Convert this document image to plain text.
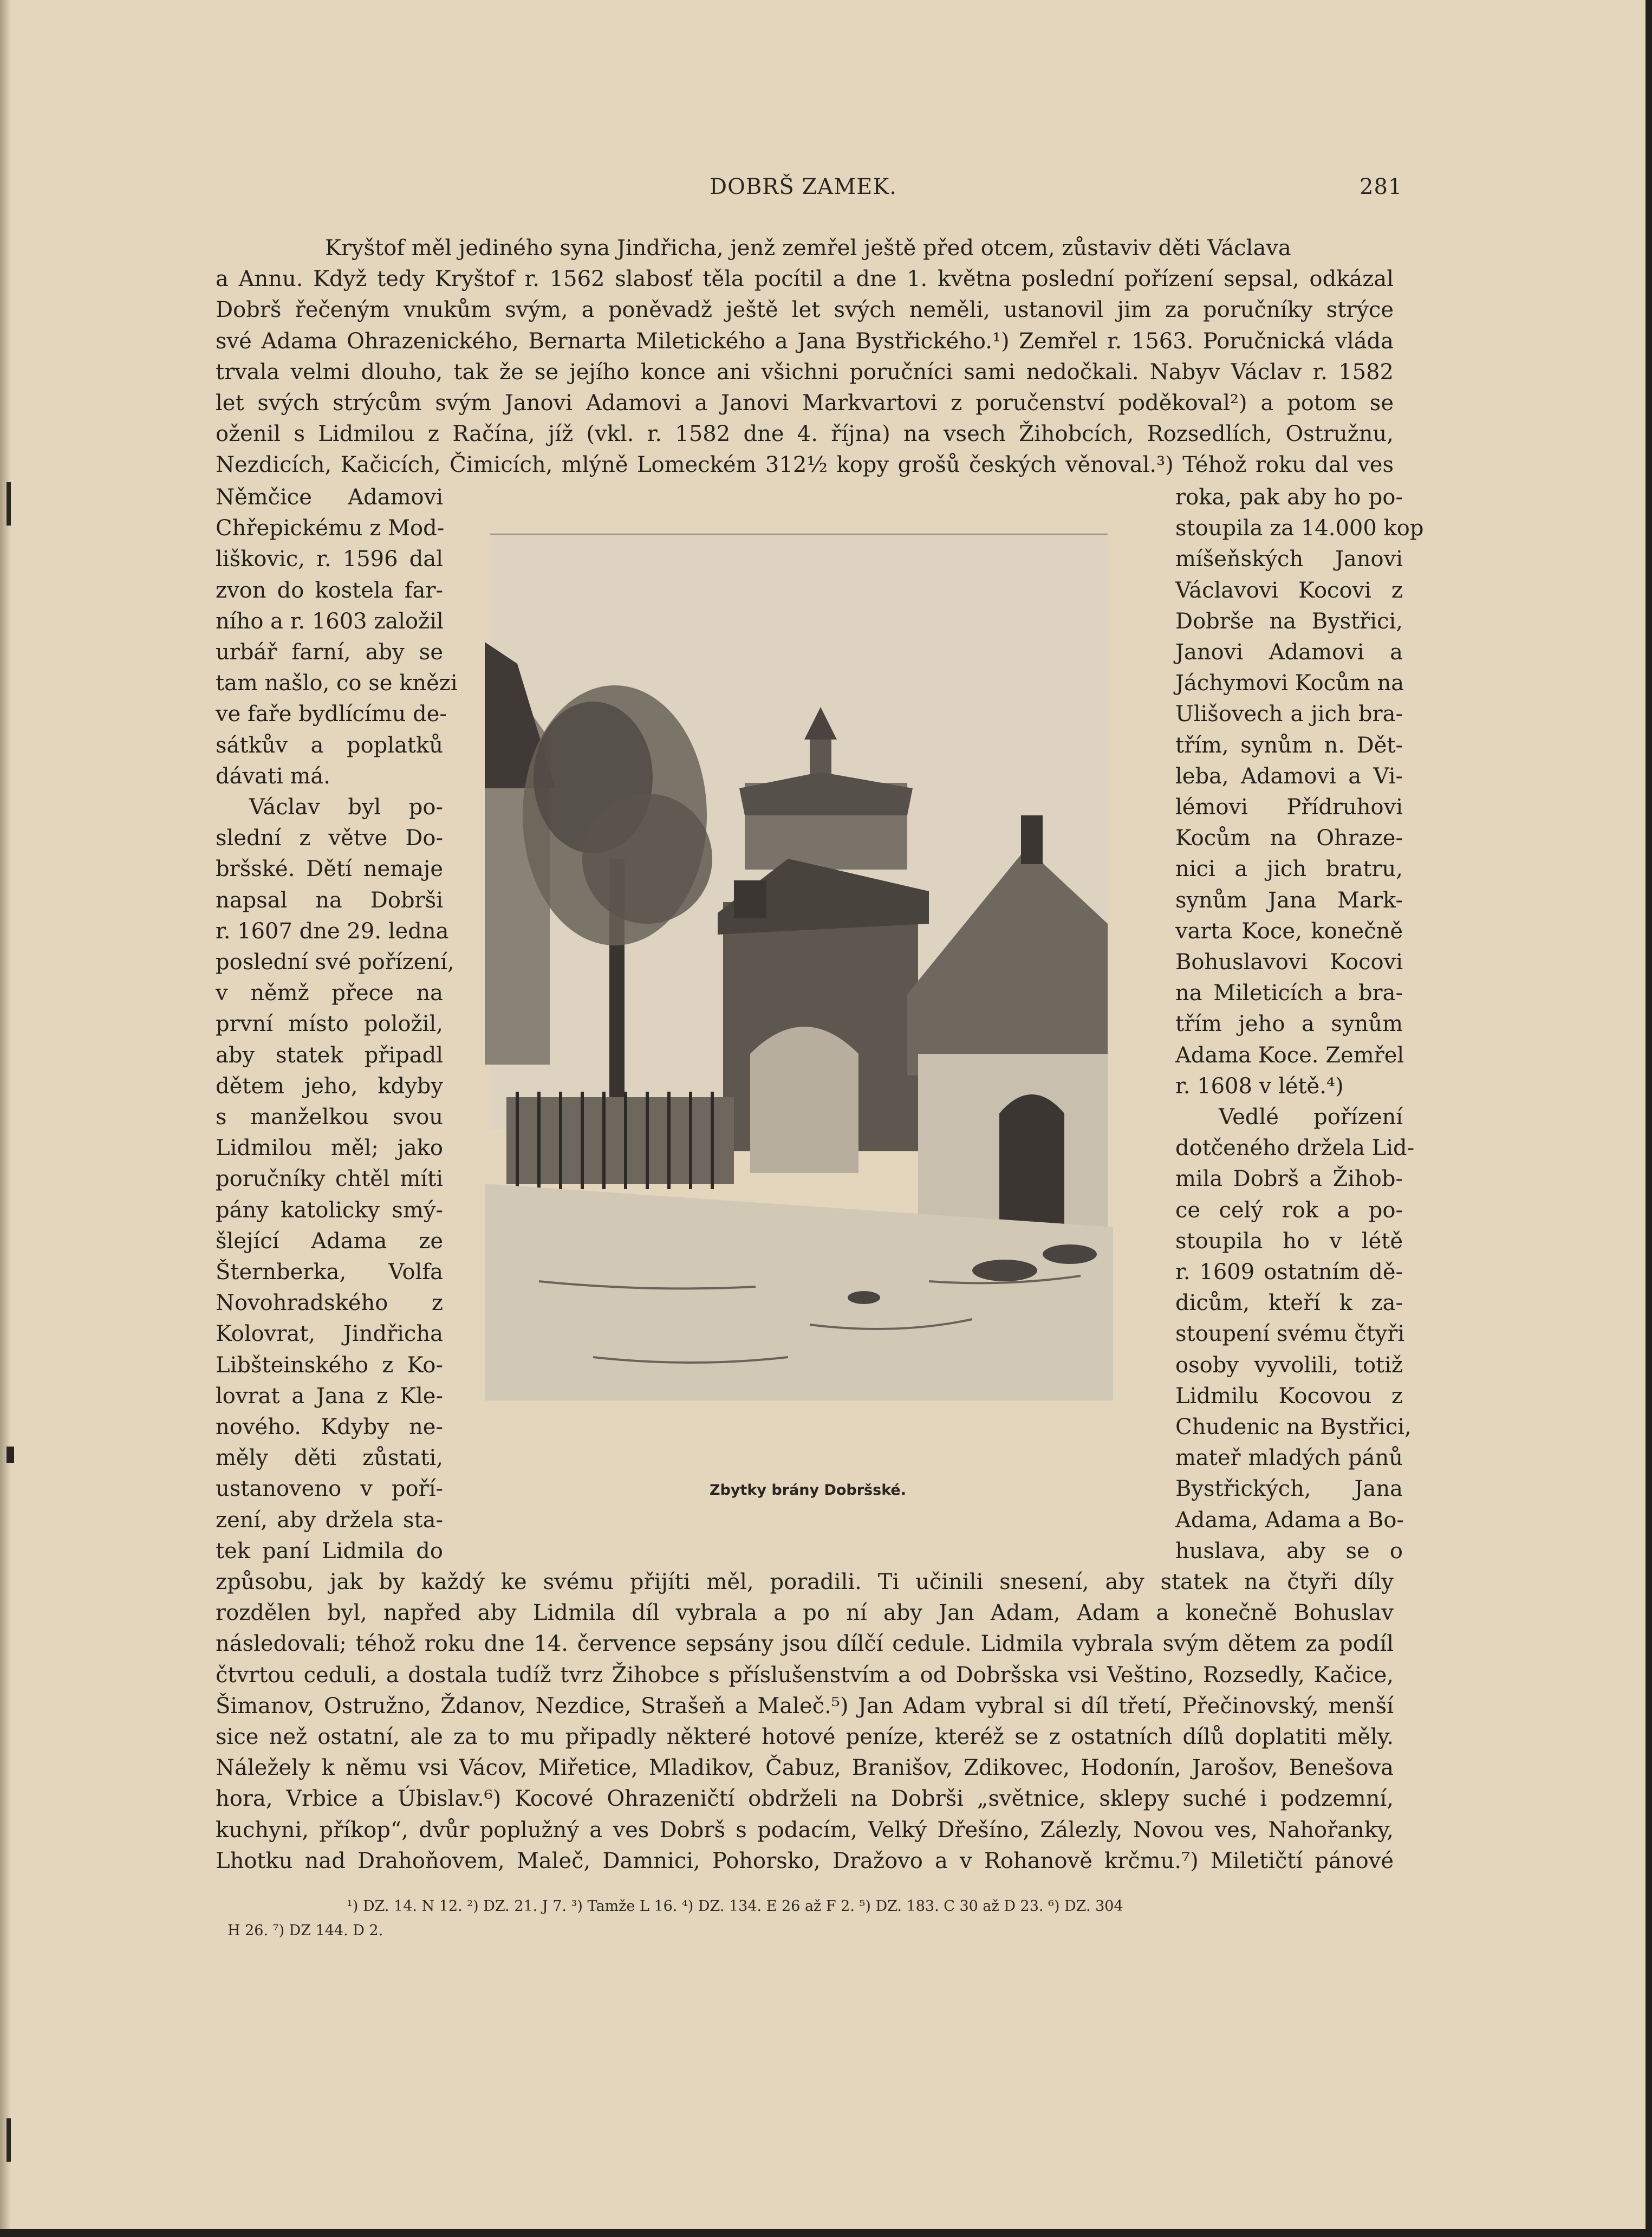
DOBRŠ ZAMEK.	281
Kryštof měl jediného syna Jindřicha, jenž zemřel ještě před otcem, zůstaviv děti Václava
a Annu. Když tedy Kryštof r. 1562 slabosť těla pocítil a dne 1. května poslední pořízení sepsal, odkázal
Dobrš řečeným vnukům svým, a poněvadž ještě let svých neměli, ustanovil jim za poručníky strýce
své Adama Ohrazenického, Bernarta Miletického a Jana Bystřického.¹) Zemřel r. 1563. Poručnická vláda
trvala velmi dlouho, tak že se jejího konce ani všichni poručníci sami nedočkali. Nabyv Václav r. 1582
let svých strýcům svým Janovi Adamovi a Janovi Markvartovi z poručenství poděkoval²) a potom se
oženil s Lidmilou z Račína, jíž (vkl. r. 1582 dne 4. října) na vsech Žihobcích, Rozsedlích, Ostružnu,
Nezdicích, Kačicích, Čimicích, mlýně Lomeckém 312½ kopy grošů českých věnoval.³) Téhož roku dal ves
Němčice Adamovi
Chřepickému z Mod-
liškovic, r. 1596 dal
zvon do kostela far-
ního a r. 1603 založil
urbář farní, aby se
tam našlo, co se knězi
ve faře bydlícímu de-
sátkův a poplatků
dávati má.
Václav byl po-
slední z větve Do-
bršské. Dětí nemaje
napsal na Dobrši
r. 1607 dne 29. ledna
poslední své pořízení,
v němž přece na
první místo položil,
aby statek připadl
dětem jeho, kdyby
s manželkou svou
Lidmilou měl; jako
poručníky chtěl míti
pány katolicky smý-
šlející Adama ze
Šternberka, Volfa
Novohradského z
Kolovrat, Jindřicha
Libšteinského z Ko-
lovrat a Jana z Kle-
nového. Kdyby ne-
měly děti zůstati,
ustanoveno v poří-
zení, aby držela sta-
tek paní Lidmila do
roka, pak aby ho po-
stoupila za 14.000 kop
míšeňských Janovi
Václavovi Kocovi z
Dobrše na Bystřici,
Janovi Adamovi a
Jáchymovi Kocům na
Ulišovech a jich bra-
třím, synům n. Dět-
leba, Adamovi a Vi-
lémovi Přídruhovi
Kocům na Ohraze-
nici a jich bratru,
synům Jana Mark-
varta Koce, konečně
Bohuslavovi Kocovi
na Mileticích a bra-
třím jeho a synům
Adama Koce. Zemřel
r. 1608 v létě.⁴)
Vedlé pořízení
dotčeného držela Lid-
mila Dobrš a Žihob-
ce celý rok a po-
stoupila ho v létě
r. 1609 ostatním dě-
dicům, kteří k za-
stoupení svému čtyři
osoby vyvolili, totiž
Lidmilu Kocovou z
Chudenic na Bystřici,
mateř mladých pánů
Bystřických, Jana
Adama, Adama a Bo-
huslava, aby se o
způsobu, jak by každý ke svému přijíti měl, poradili. Ti učinili snesení, aby statek na čtyři díly
rozdělen byl, napřed aby Lidmila díl vybrala a po ní aby Jan Adam, Adam a konečně Bohuslav
následovali; téhož roku dne 14. července sepsány jsou dílčí cedule. Lidmila vybrala svým dětem za podíl
čtvrtou ceduli, a dostala tudíž tvrz Žihobce s příslušenstvím a od Dobršska vsi Veštino, Rozsedly, Kačice,
Šimanov, Ostružno, Ždanov, Nezdice, Strašeň a Maleč.⁵) Jan Adam vybral si díl třetí, Přečinovský, menší
sice než ostatní, ale za to mu připadly některé hotové peníze, kteréž se z ostatních dílů doplatiti měly.
Náležely k němu vsi Vácov, Miřetice, Mladikov, Čabuz, Branišov, Zdikovec, Hodonín, Jarošov, Benešova
hora, Vrbice a Úbislav.⁶) Kocové Ohrazeničtí obdrželi na Dobrši „světnice, sklepy suché i podzemní,
kuchyni, příkop“, dvůr poplužný a ves Dobrš s podacím, Velký Dřešíno, Zálezly, Novou ves, Nahořanky,
Lhotku nad Drahoňovem, Maleč, Damnici, Pohorsko, Dražovo a v Rohanově krčmu.⁷) Miletičtí pánové
Zbytky brány Dobršské.
¹) DZ. 14. N 12. ²) DZ. 21. J 7. ³) Tamže L 16. ⁴) DZ. 134. E 26 až F 2. ⁵) DZ. 183. C 30 až D 23. ⁶) DZ. 304
H 26. ⁷) DZ 144. D 2.
